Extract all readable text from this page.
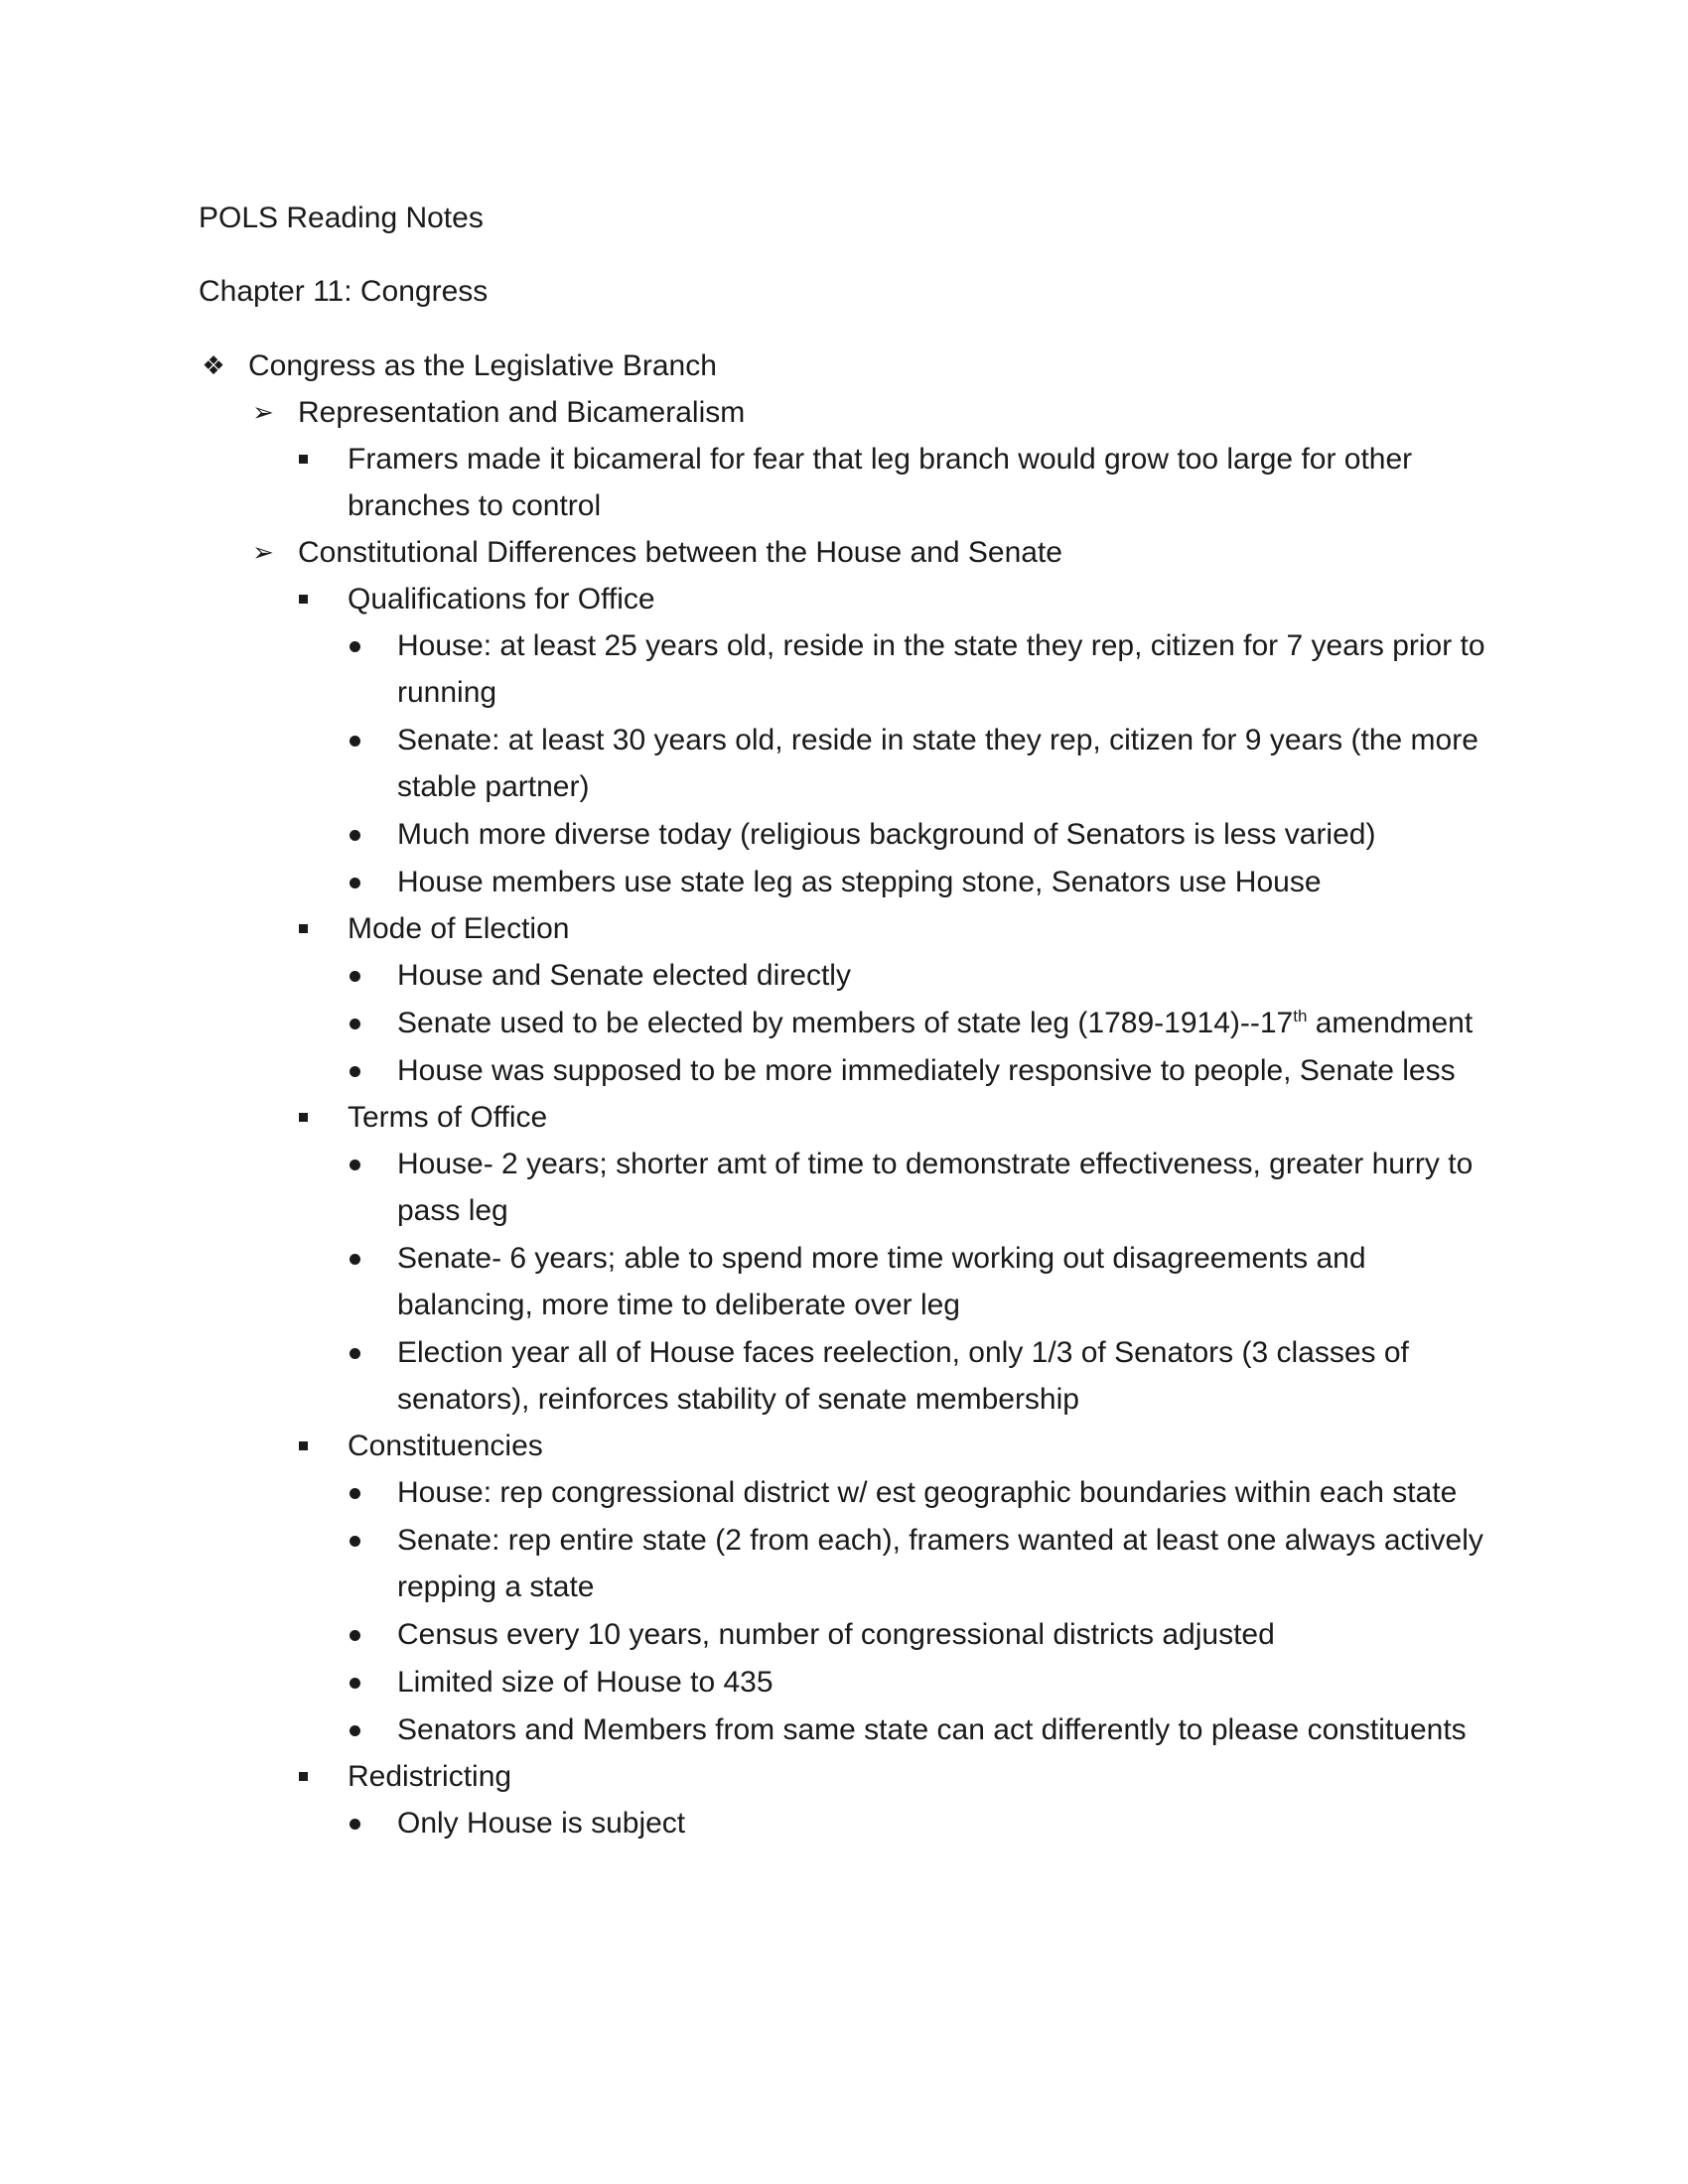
POLS Reading Notes

Chapter 11: Congress

❖ Congress as the Legislative Branch
➢ Representation and Bicameralism
Framers made it bicameral for fear that leg branch would grow too large for other branches to control
➢ Constitutional Differences between the House and Senate
Qualifications for Office
House: at least 25 years old, reside in the state they rep, citizen for 7 years prior to running
Senate: at least 30 years old, reside in state they rep, citizen for 9 years (the more stable partner)
Much more diverse today (religious background of Senators is less varied)
House members use state leg as stepping stone, Senators use House
Mode of Election
House and Senate elected directly
Senate used to be elected by members of state leg (1789-1914)--17th amendment
House was supposed to be more immediately responsive to people, Senate less
Terms of Office
House- 2 years; shorter amt of time to demonstrate effectiveness, greater hurry to pass leg
Senate- 6 years; able to spend more time working out disagreements and balancing, more time to deliberate over leg
Election year all of House faces reelection, only 1/3 of Senators (3 classes of senators), reinforces stability of senate membership
Constituencies
House: rep congressional district w/ est geographic boundaries within each state
Senate: rep entire state (2 from each), framers wanted at least one always actively repping a state
Census every 10 years, number of congressional districts adjusted
Limited size of House to 435
Senators and Members from same state can act differently to please constituents
Redistricting
Only House is subject
